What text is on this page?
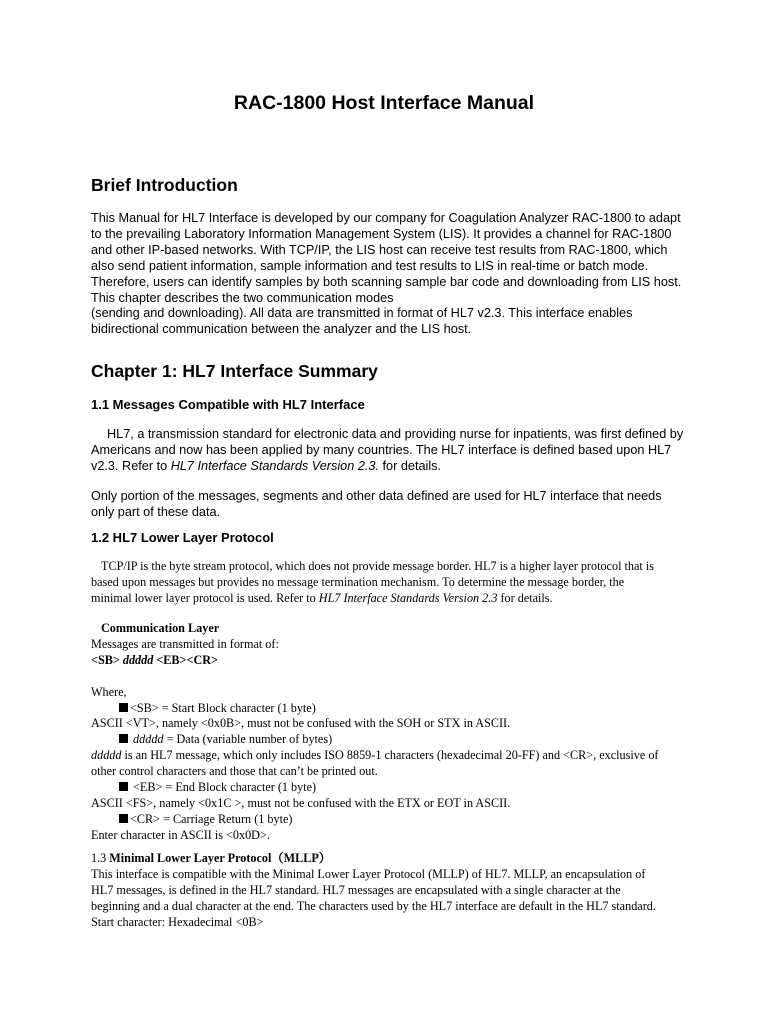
RAC-1800 Host Interface Manual
Brief Introduction

This Manual for HL7 Interface is developed by our company for Coagulation Analyzer RAC-1800 to adapt

to the prevailing Laboratory Information Management System (LIS). It provides a channel for RAC-1800

and other IP-based networks. With TCP/IP, the LIS host can receive test results from RAC-1800, which

also send patient information, sample information and test results to LIS in real-time or batch mode.

Therefore, users can identify samples by both scanning sample bar code and downloading from LIS host.

This chapter describes the two communication modes

(sending and downloading). All data are transmitted in format of HL7 v2.3. This interface enables

bidirectional communication between the analyzer and the LIS host.

Chapter 1: HL7 Interface Summary
1.1 Messages Compatible with HL7 Interface

HL7, a transmission standard for electronic data and providing nurse for inpatients, was first defined by

Americans and now has been applied by many countries. The HL7 interface is defined based upon HL7

v2.3. Refer to HL7 Interface Standards Version 2.3. for details.

Only portion of the messages, segments and other data defined are used for HL7 interface that needs

only part of these data.

1.2 HL7 Lower Layer Protocol

TCP/IP is the byte stream protocol, which does not provide message border. HL7 is a higher layer protocol that is

based upon messages but provides no message termination mechanism. To determine the message border, the

minimal lower layer protocol is used. Refer to HL7 Interface Standards Version 2.3 for details.

Communication Layer

Messages are transmitted in format of:

<SB> ddddd <EB><CR>

Where,

<SB> = Start Block character (1 byte)

ASCII <VT>, namely <0x0B>, must not be confused with the SOH or STX in ASCII.

ddddd = Data (variable number of bytes)

ddddd is an HL7 message, which only includes ISO 8859-1 characters (hexadecimal 20-FF) and <CR>, exclusive of

other control characters and those that can’t be printed out.

<EB> = End Block character (1 byte)

ASCII <FS>, namely <0x1C >, must not be confused with the ETX or EOT in ASCII.

<CR> = Carriage Return (1 byte)

Enter character in ASCII is <0x0D>.

1.3 Minimal Lower Layer Protocol（MLLP）

This interface is compatible with the Minimal Lower Layer Protocol (MLLP) of HL7. MLLP, an encapsulation of

HL7 messages, is defined in the HL7 standard. HL7 messages are encapsulated with a single character at the

beginning and a dual character at the end. The characters used by the HL7 interface are default in the HL7 standard.

Start character: Hexadecimal <0B>
